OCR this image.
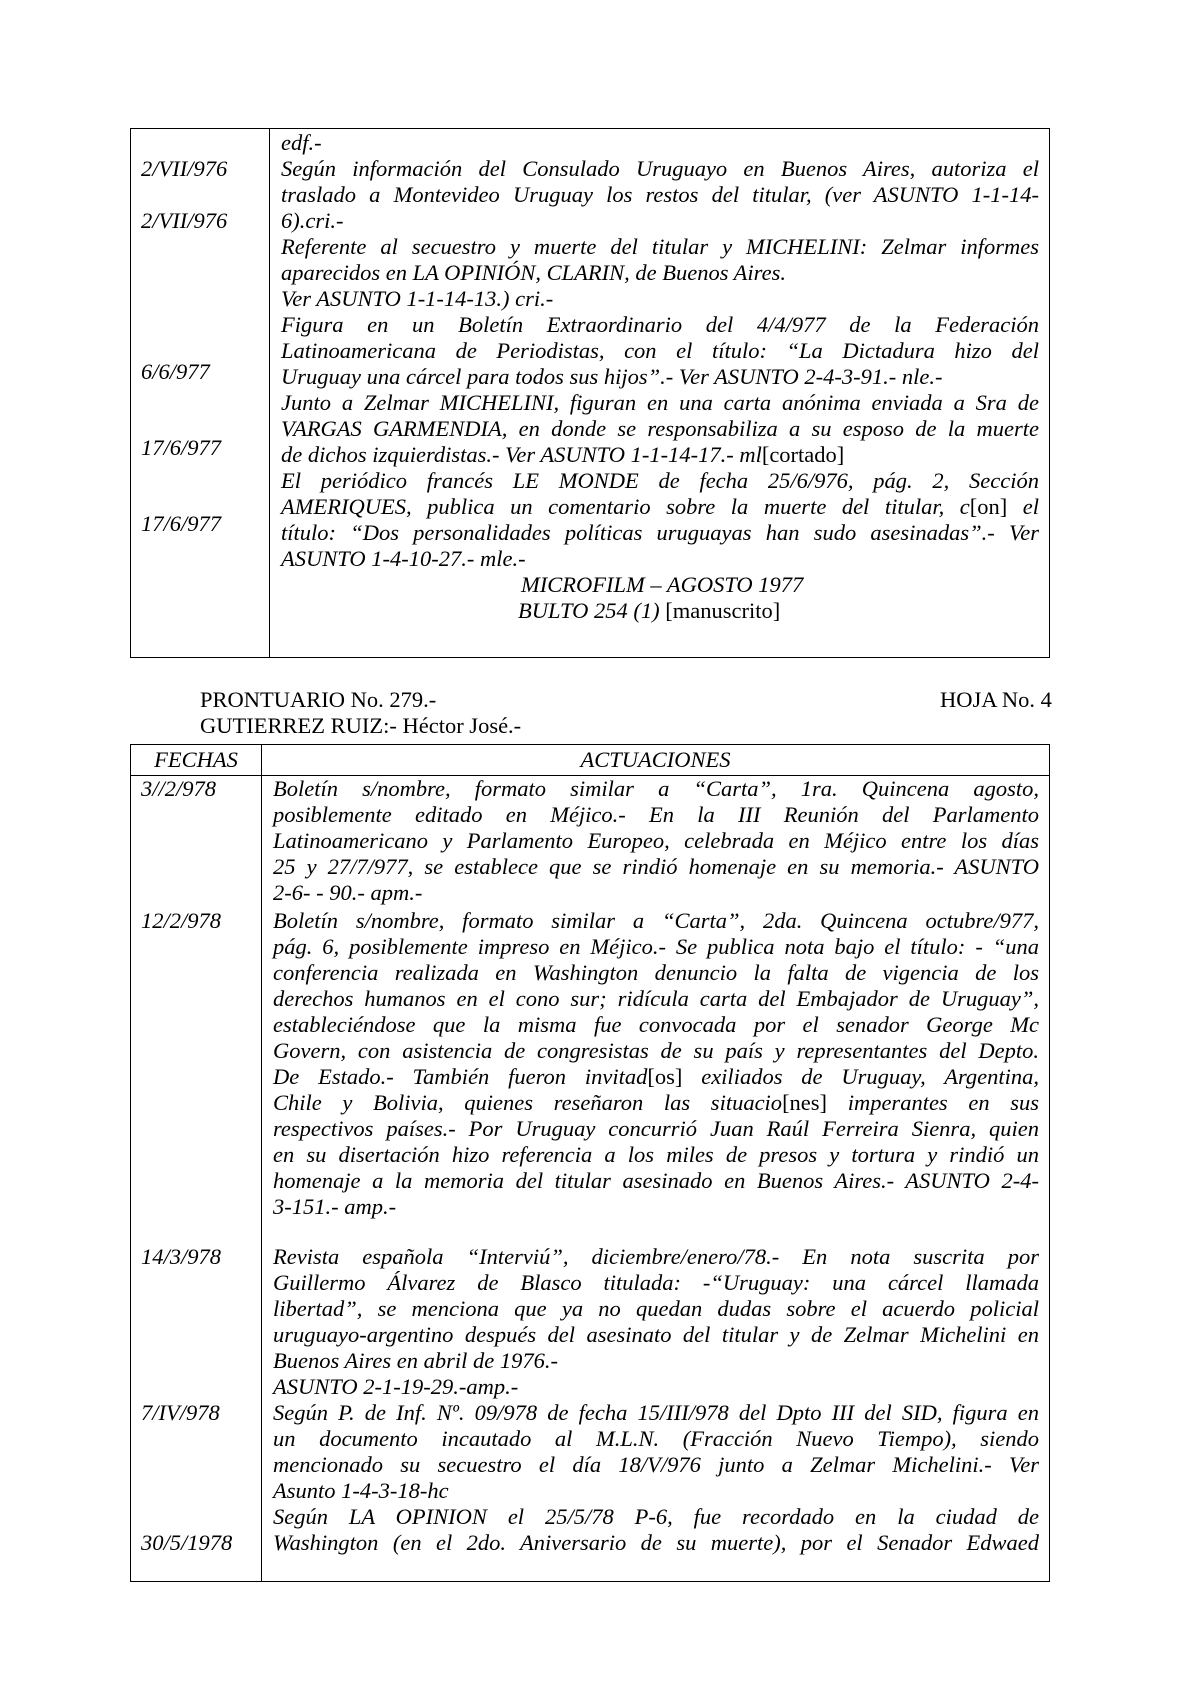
2/VII/976
2/VII/976
6/6/977
17/6/977
17/6/977
edf.-
Según información del Consulado Uruguayo en Buenos Aires, autoriza el
traslado a Montevideo Uruguay los restos del titular, (ver ASUNTO 1-1-14-
6).cri.-
Referente al secuestro y muerte del titular y MICHELINI: Zelmar informes
aparecidos en LA OPINIÓN, CLARIN, de Buenos Aires.
Ver ASUNTO 1-1-14-13.) cri.-
Figura en un Boletín Extraordinario del 4/4/977 de la Federación
Latinoamericana de Periodistas, con el título: “La Dictadura hizo del
Uruguay una cárcel para todos sus hijos”.- Ver ASUNTO 2-4-3-91.- nle.-
Junto a Zelmar MICHELINI, figuran en una carta anónima enviada a Sra de
VARGAS GARMENDIA, en donde se responsabiliza a su esposo de la muerte
de dichos izquierdistas.- Ver ASUNTO 1-1-14-17.- ml[cortado]
El periódico francés LE MONDE de fecha 25/6/976, pág. 2, Sección
AMERIQUES, publica un comentario sobre la muerte del titular, c[on] el
título: “Dos personalidades políticas uruguayas han sudo asesinadas”.- Ver
ASUNTO 1-4-10-27.- mle.-
MICROFILM – AGOSTO 1977
BULTO 254 (1) [manuscrito]
PRONTUARIO No. 279.-	HOJA No. 4
GUTIERREZ RUIZ:- Héctor José.-
FECHAS	ACTUACIONES
3//2/978
12/2/978
14/3/978
7/IV/978
30/5/1978
Boletín s/nombre, formato similar a “Carta”, 1ra. Quincena agosto,
posiblemente editado en Méjico.- En la III Reunión del Parlamento
Latinoamericano y Parlamento Europeo, celebrada en Méjico entre los días
25 y 27/7/977, se establece que se rindió homenaje en su memoria.- ASUNTO
2-6- - 90.- apm.-
Boletín s/nombre, formato similar a “Carta”, 2da. Quincena octubre/977,
pág. 6, posiblemente impreso en Méjico.- Se publica nota bajo el título: - “una
conferencia realizada en Washington denuncio la falta de vigencia de los
derechos humanos en el cono sur; ridícula carta del Embajador de Uruguay”,
estableciéndose que la misma fue convocada por el senador George Mc
Govern, con asistencia de congresistas de su país y representantes del Depto.
De Estado.- También fueron invitad[os] exiliados de Uruguay, Argentina,
Chile y Bolivia, quienes reseñaron las situacio[nes] imperantes en sus
respectivos países.- Por Uruguay concurrió Juan Raúl Ferreira Sienra, quien
en su disertación hizo referencia a los miles de presos y tortura y rindió un
homenaje a la memoria del titular asesinado en Buenos Aires.- ASUNTO 2-4-
3-151.- amp.-
Revista española “Interviú”, diciembre/enero/78.- En nota suscrita por
Guillermo Álvarez de Blasco titulada: -“Uruguay: una cárcel llamada
libertad”, se menciona que ya no quedan dudas sobre el acuerdo policial
uruguayo-argentino después del asesinato del titular y de Zelmar Michelini en
Buenos Aires en abril de 1976.-
ASUNTO 2-1-19-29.-amp.-
Según P. de Inf. Nº. 09/978 de fecha 15/III/978 del Dpto III del SID, figura en
un documento incautado al M.L.N. (Fracción Nuevo Tiempo), siendo
mencionado su secuestro el día 18/V/976 junto a Zelmar Michelini.- Ver
Asunto 1-4-3-18-hc
Según LA OPINION el 25/5/78 P-6, fue recordado en la ciudad de
Washington (en el 2do. Aniversario de su muerte), por el Senador Edwaed
